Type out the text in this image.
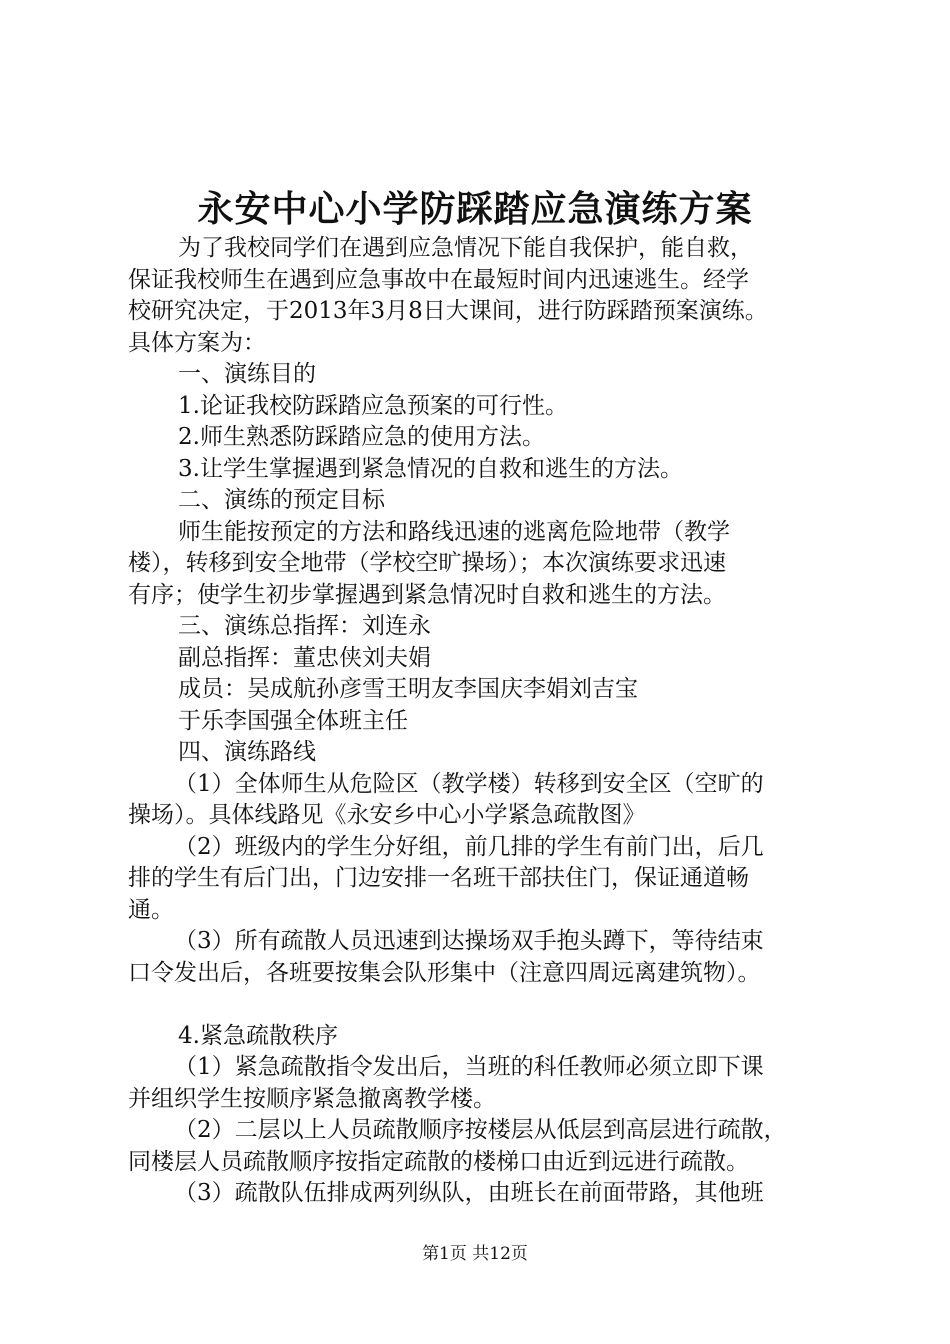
永安中心小学防踩踏应急演练方案
为了我校同学们在遇到应急情况下能自我保护，能自救，
保证我校师生在遇到应急事故中在最短时间内迅速逃生。经学
校研究决定，于2013年3月8日大课间，进行防踩踏预案演练。
具体方案为：
一、演练目的
1.论证我校防踩踏应急预案的可行性。
2.师生熟悉防踩踏应急的使用方法。
3.让学生掌握遇到紧急情况的自救和逃生的方法。
二、演练的预定目标
师生能按预定的方法和路线迅速的逃离危险地带（教学
楼），转移到安全地带（学校空旷操场）；本次演练要求迅速
有序；使学生初步掌握遇到紧急情况时自救和逃生的方法。
三、演练总指挥：刘连永
副总指挥：董忠侠刘夫娟
成员：吴成航孙彦雪王明友李国庆李娟刘吉宝
于乐李国强全体班主任
四、演练路线
（1）全体师生从危险区（教学楼）转移到安全区（空旷的
操场）。具体线路见《永安乡中心小学紧急疏散图》
（2）班级内的学生分好组，前几排的学生有前门出，后几
排的学生有后门出，门边安排一名班干部扶住门，保证通道畅
通。
（3）所有疏散人员迅速到达操场双手抱头蹲下，等待结束
口令发出后，各班要按集会队形集中（注意四周远离建筑物）。
4.紧急疏散秩序
（1）紧急疏散指令发出后，当班的科任教师必须立即下课
并组织学生按顺序紧急撤离教学楼。
（2）二层以上人员疏散顺序按楼层从低层到高层进行疏散，
同楼层人员疏散顺序按指定疏散的楼梯口由近到远进行疏散。
（3）疏散队伍排成两列纵队，由班长在前面带路，其他班
第1页 共12页
